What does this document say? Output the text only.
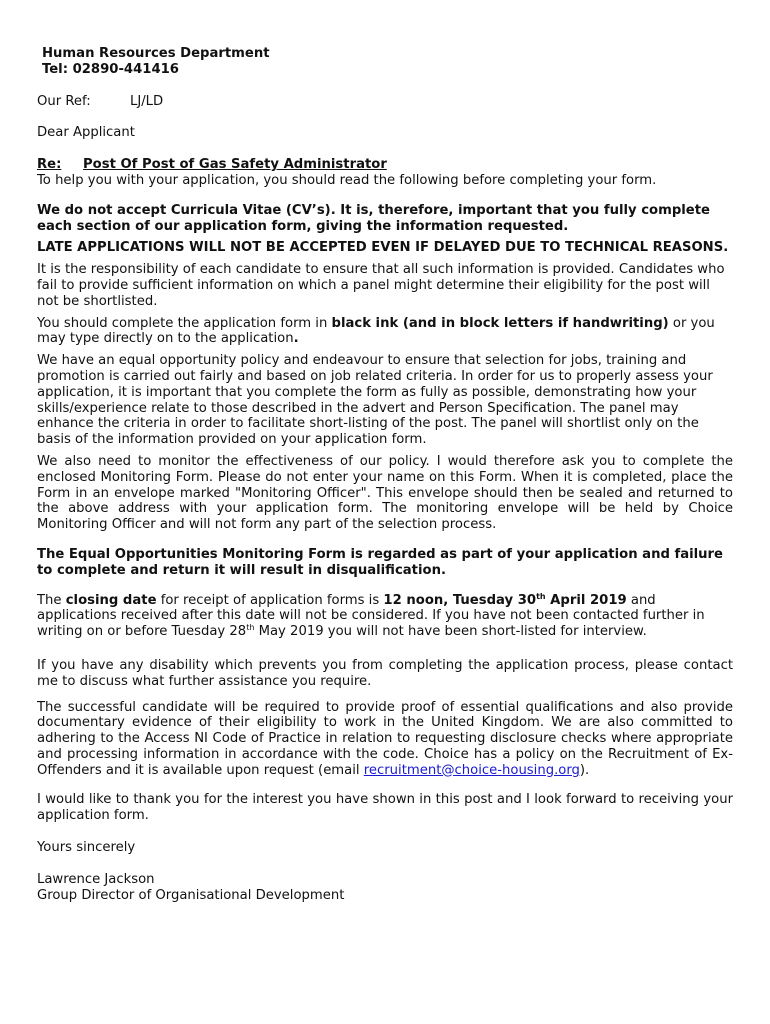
Human Resources Department
Tel: 02890-441416

Our Ref:	LJ/LD

Dear Applicant

Re: Post Of Post of Gas Safety Administrator

To help you with your application, you should read the following before completing your form.

We do not accept Curricula Vitae (CV’s). It is, therefore, important that you fully complete each section of our application form, giving the information requested.

LATE APPLICATIONS WILL NOT BE ACCEPTED EVEN IF DELAYED DUE TO TECHNICAL REASONS.

It is the responsibility of each candidate to ensure that all such information is provided. Candidates who fail to provide sufficient information on which a panel might determine their eligibility for the post will not be shortlisted.

You should complete the application form in black ink (and in block letters if handwriting) or you may type directly on to the application.

We have an equal opportunity policy and endeavour to ensure that selection for jobs, training and promotion is carried out fairly and based on job related criteria. In order for us to properly assess your application, it is important that you complete the form as fully as possible, demonstrating how your skills/experience relate to those described in the advert and Person Specification. The panel may enhance the criteria in order to facilitate short-listing of the post. The panel will shortlist only on the basis of the information provided on your application form.

We also need to monitor the effectiveness of our policy. I would therefore ask you to complete the enclosed Monitoring Form. Please do not enter your name on this Form. When it is completed, place the Form in an envelope marked "Monitoring Officer". This envelope should then be sealed and returned to the above address with your application form. The monitoring envelope will be held by Choice Monitoring Officer and will not form any part of the selection process.

The Equal Opportunities Monitoring Form is regarded as part of your application and failure to complete and return it will result in disqualification.

The closing date for receipt of application forms is 12 noon, Tuesday 30th April 2019 and applications received after this date will not be considered. If you have not been contacted further in writing on or before Tuesday 28th May 2019 you will not have been short-listed for interview.

If you have any disability which prevents you from completing the application process, please contact me to discuss what further assistance you require.

The successful candidate will be required to provide proof of essential qualifications and also provide documentary evidence of their eligibility to work in the United Kingdom. We are also committed to adhering to the Access NI Code of Practice in relation to requesting disclosure checks where appropriate and processing information in accordance with the code. Choice has a policy on the Recruitment of Ex-Offenders and it is available upon request (email recruitment@choice-housing.org).

I would like to thank you for the interest you have shown in this post and I look forward to receiving your application form.

Yours sincerely

Lawrence Jackson

Group Director of Organisational Development
